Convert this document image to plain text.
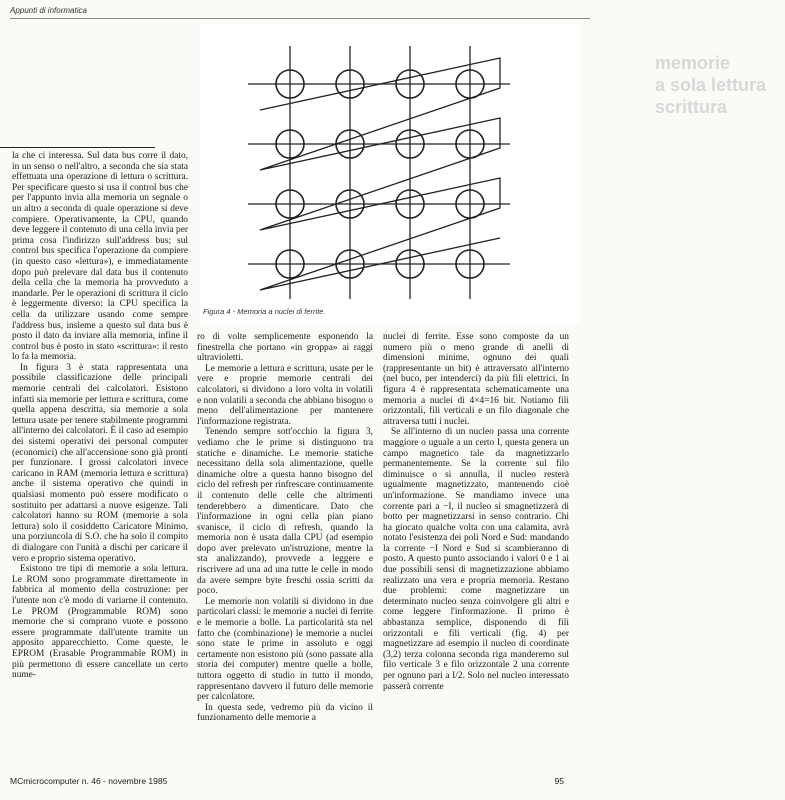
Appunti di informatica
memorie
a sola lettura
scrittura
Figura 4 - Memoria a nuclei di ferrite.

la che ci interessa. Sul data bus corre il dato, in un senso o nell'altro, a seconda che sia stata effettuata una operazione di lettura o scrittura. Per specificare questo si usa il control bus che per l'appunto invia alla memoria un segnale o un altro a seconda di quale operazione si deve compiere. Operativamente, la CPU, quando deve leggere il contenuto di una cella invia per prima cosa l'indirizzo sull'address bus; sul control bus specifica l'operazione da compiere (in questo caso «lettura»), e immediatamente dopo può prelevare dal data bus il contenuto della cella che la memoria ha provveduto a mandarle. Per le operazioni di scrittura il ciclo è leggermente diverso: la CPU specifica la cella da utilizzare usando come sempre l'address bus, insieme a questo sul data bus è posto il dato da inviare alla memoria, infine il control bus è posto in stato «scrittura»: il resto lo fa la memoria.

In figura 3 è stata rappresentata una possibile classificazione delle principali memorie centrali dei calcolatori. Esistono infatti sia memorie per lettura e scrittura, come quella appena descritta, sia memorie a sola lettura usate per tenere stabilmente programmi all'interno dei calcolatori. È il caso ad esempio dei sistemi operativi dei personal computer (economici) che all'accensione sono già pronti per funzionare. I grossi calcolatori invece caricano in RAM (memoria lettura e scrittura) anche il sistema operativo che quindi in qualsiasi momento può essere modificato o sostituito per adattarsi a nuove esigenze. Tali calcolatori hanno su ROM (memorie a sola lettura) solo il cosiddetto Caricatore Minimo, una porziuncola di S.O. che ha solo il compito di dialogare con l'unità a dischi per caricare il vero e proprio sistema operativo.

Esistono tre tipi di memorie a sola lettura. Le ROM sono programmate direttamente in fabbrica al momento della costruzione: per l'utente non c'è modo di variarne il contenuto. Le PROM (Programmable ROM) sono memorie che si comprano vuote e possono essere programmate dall'utente tramite un apposito apparecchietto. Come queste, le EPROM (Erasable Programmable ROM) in più permettono di essere cancellate un certo nume-

ro di volte semplicemente esponendo la finestrella che portano «in groppa» ai raggi ultravioletti.

Le memorie a lettura e scrittura, usate per le vere e proprie memorie centrali dei calcolatori, si dividono a loro volta in volatili e non volatili a seconda che abbiano bisogno o meno dell'alimentazione per mantenere l'informazione registrata.

Tenendo sempre sott'occhio la figura 3, vediamo che le prime si distinguono tra statiche e dinamiche. Le memorie statiche necessitano della sola alimentazione, quelle dinamiche oltre a questa hanno bisogno del ciclo del refresh per rinfrescare continuamente il contenuto delle celle che altrimenti tenderebbero a dimenticare. Dato che l'informazione in ogni cella pian piano svanisce, il ciclo di refresh, quando la memoria non è usata dalla CPU (ad esempio dopo aver prelevato un'istruzione, mentre la sta analizzando), provvede a leggere e riscrivere ad una ad una tutte le celle in modo da avere sempre byte freschi ossia scritti da poco.

Le memorie non volatili si dividono in due particolari classi: le memorie a nuclei di ferrite e le memorie a bolle. La particolarità sta nel fatto che (combinazione) le memorie a nuclei sono state le prime in assoluto e oggi certamente non esistono più (sono passate alla storia dei computer) mentre quelle a bolle, tuttora oggetto di studio in tutto il mondo, rappresentano davvero il futuro delle memorie per calcolatore.

In questa sede, vedremo più da vicino il funzionamento delle memorie a

nuclei di ferrite. Esse sono composte da un numero più o meno grande di anelli di dimensioni minime, ognuno dei quali (rappresentante un bit) è attraversato all'interno (nel buco, per intenderci) da più fili elettrici. In figura 4 è rappresentata schematicamente una memoria a nuclei di 4×4=16 bit. Notiamo fili orizzontali, fili verticali e un filo diagonale che attraversa tutti i nuclei.

Se all'interno di un nucleo passa una corrente maggiore o uguale a un certo I, questa genera un campo magnetico tale da magnetizzarlo permanentemente. Se la corrente sul filo diminuisce o si annulla, il nucleo resterà ugualmente magnetizzato, mantenendo cioè un'informazione. Se mandiamo invece una corrente pari a −I, il nucleo si smagnetizzerà di botto per magnetizzarsi in senso contrario. Chi ha giocato qualche volta con una calamita, avrà notato l'esistenza dei poli Nord e Sud: mandando la corrente −I Nord e Sud si scambieranno di posto. A questo punto associando i valori 0 e 1 ai due possibili sensi di magnetizzazione abbiamo realizzato una vera e propria memoria. Restano due problemi: come magnetizzare un determinato nucleo senza coinvolgere gli altri e come leggere l'informazione. Il primo è abbastanza semplice, disponendo di fili orizzontali e fili verticali (fig. 4) per magnetizzare ad esempio il nucleo di coordinate (3,2) terza colonna seconda riga manderemo sul filo verticale 3 e filo orizzontale 2 una corrente per ognuno pari a I/2. Solo nel nucleo interessato passerà corrente

MCmicrocomputer n. 46 - novembre 1985	95
